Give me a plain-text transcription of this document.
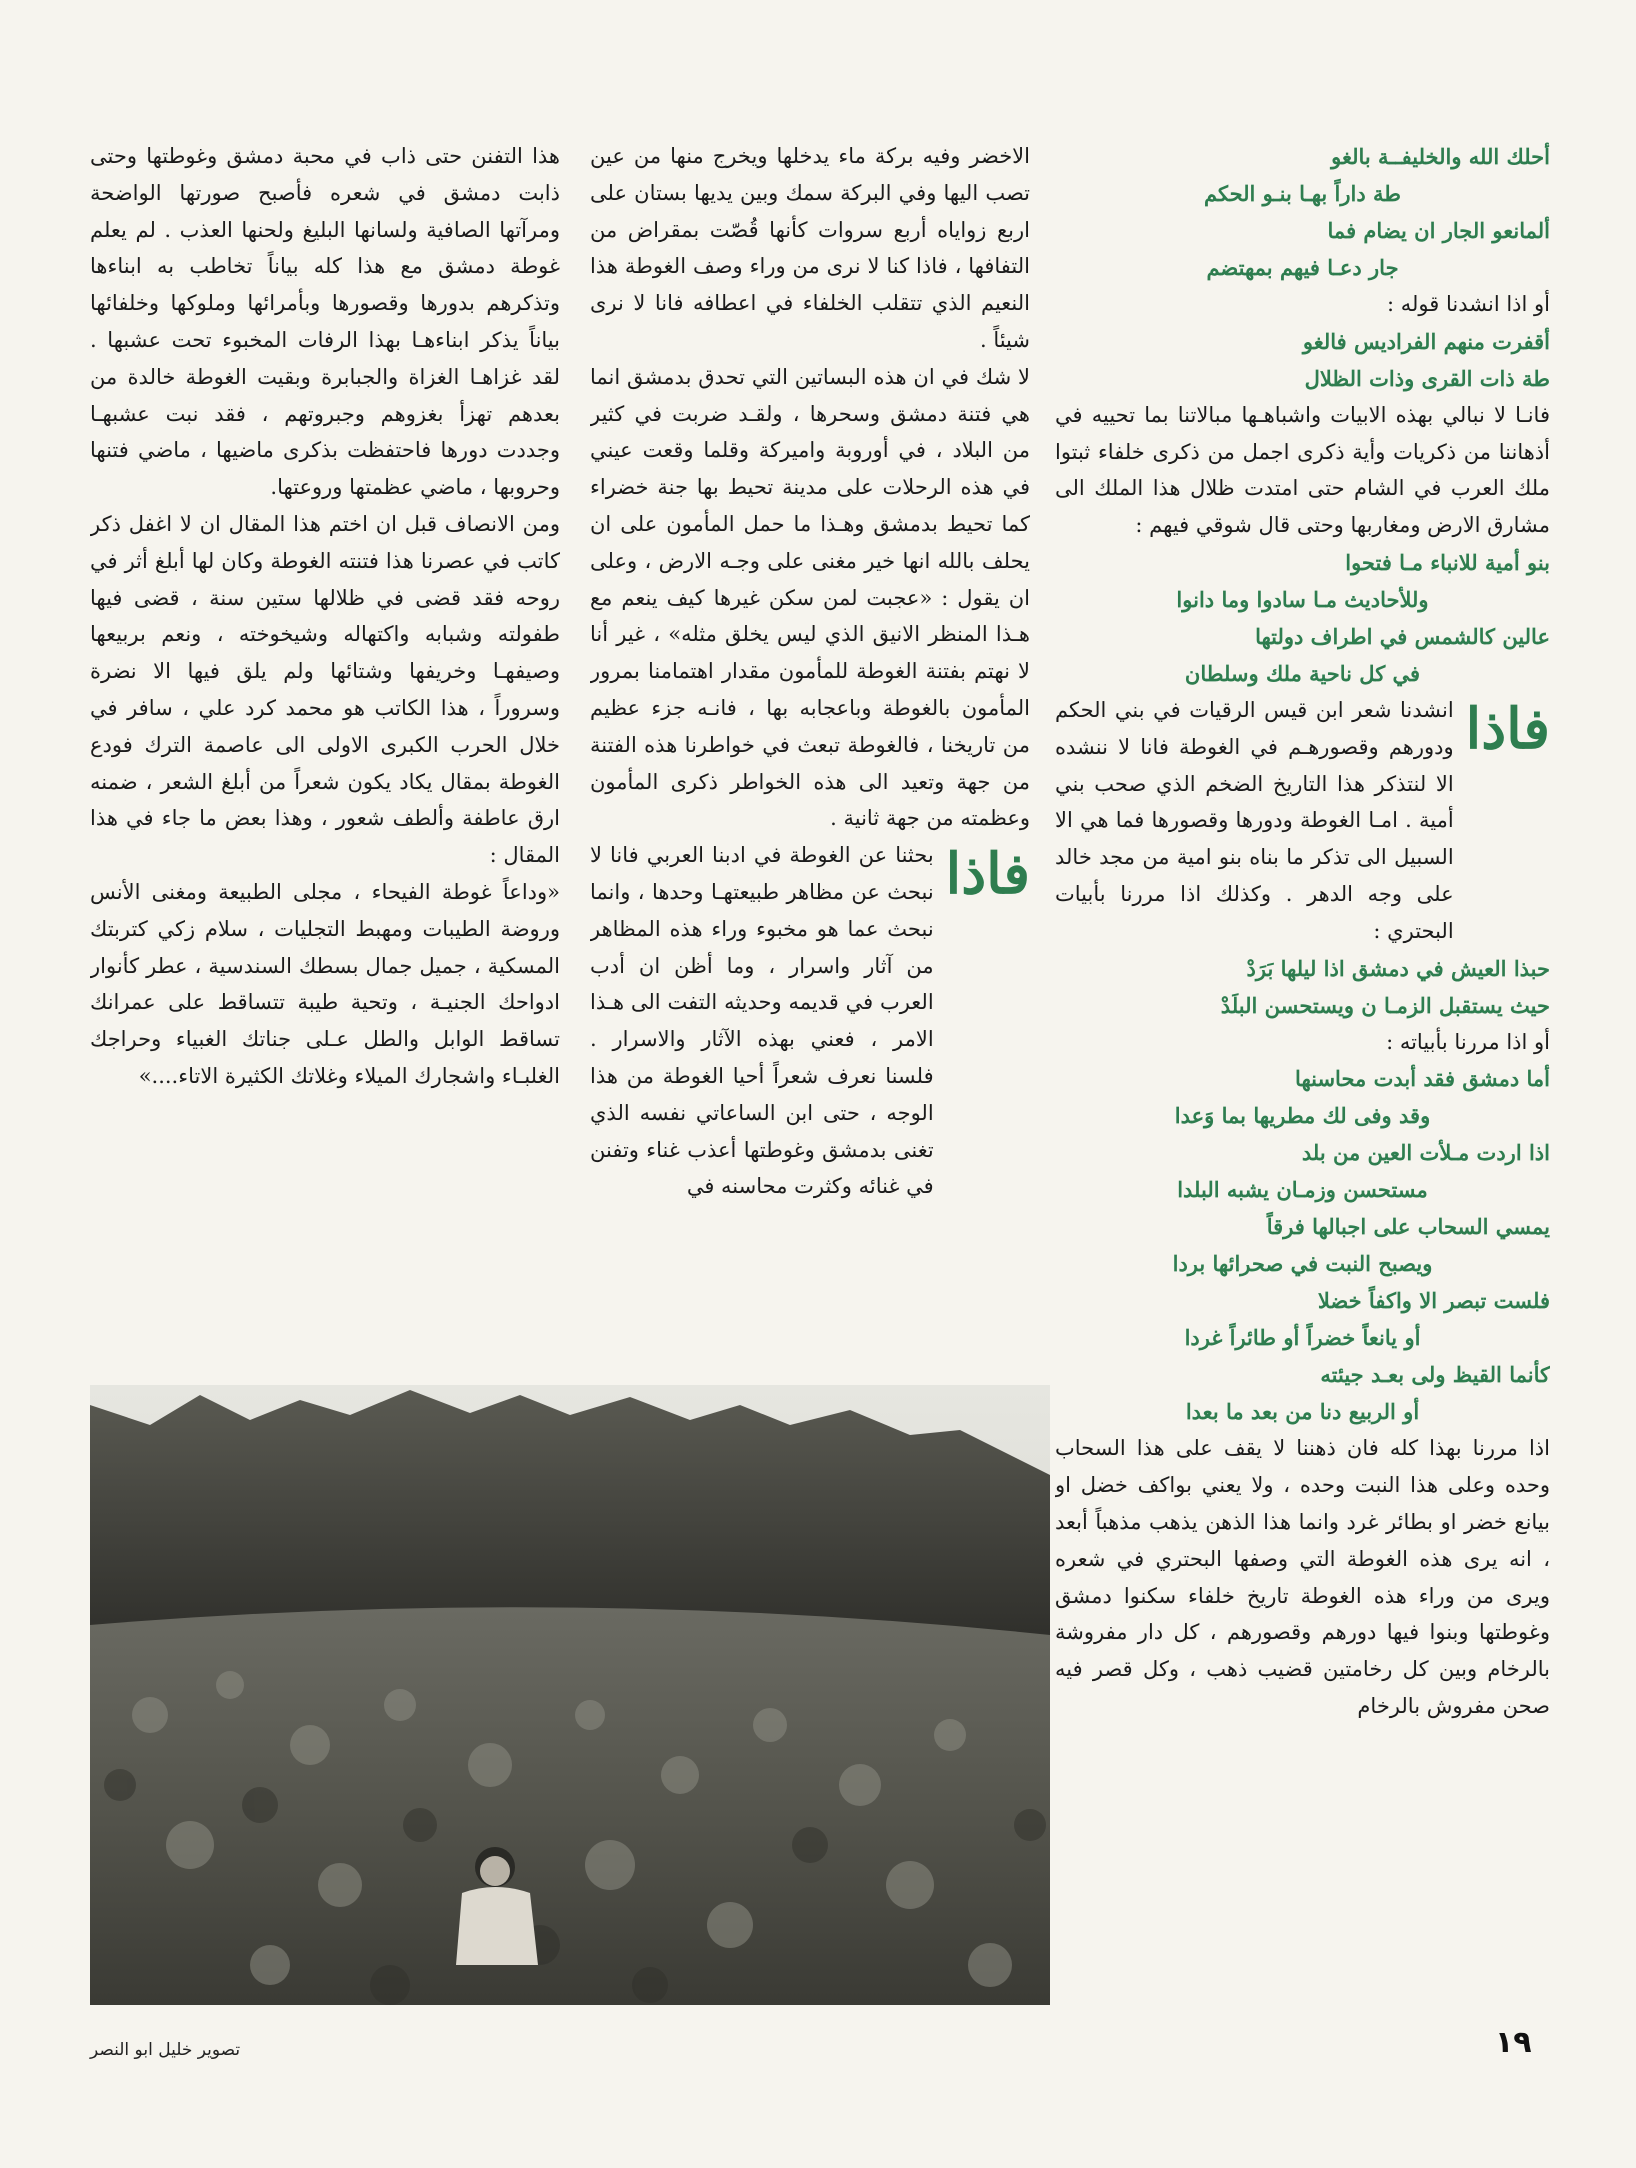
أحلك الله والخليفــة بالغو
طة داراً بهـا بنـو الحكم
ألمانعو الجار ان يضام فما
جار دعـا فيهم بمهتضم

أو اذا انشدنا قوله :

أقفرت منهم الفراديس فالغو
طة ذات القرى وذات الظلال

فانـا لا نبالي بهذه الابيات واشباهـها مبالاتنا بما تحييه في أذهاننا من ذكريات وأية ذكرى اجمل من ذكرى خلفاء ثبتوا ملك العرب في الشام حتى امتدت ظلال هذا الملك الى مشارق الارض ومغاربها وحتى قال شوقي فيهم :

بنو أمية للانباء مـا فتحوا
وللأحاديث مـا سادوا وما دانوا
عالين كالشمس في اطراف دولتها
في كل ناحية ملك وسلطان
فاذا

انشدنا شعر ابن قيس الرقيات في بني الحكم ودورهم وقصورهـم في الغوطة فانا لا ننشده الا لنتذكر هذا التاريخ الضخم الذي صحب بني أمية . امـا الغوطة ودورها وقصورها فما هي الا السبيل الى تذكر ما بناه بنو امية من مجد خالد على وجه الدهر . وكذلك اذا مررنا بأبيات البحتري :

حبذا العيش في دمشق اذا ليلها بَرَدْ
حيث يستقبل الزمـا ن ويستحسن البلَدْ

أو اذا مررنا بأبياته :

أما دمشق فقد أبدت محاسنها
وقد وفى لك مطريها بما وَعدا
اذا اردت مـلأت العين من بلد
مستحسن وزمـان يشبه البلدا
يمسي السحاب على اجبالها فرقاً
ويصبح النبت في صحرائها بردا
فلست تبصر الا واكفاً خضلا
أو يانعاً خضراً أو طائراً غردا
كأنما القيظ ولى بعـد جيئته
أو الربيع دنا من بعد ما بعدا

اذا مررنا بهذا كله فان ذهننا لا يقف على هذا السحاب وحده وعلى هذا النبت وحده ، ولا يعني بواكف خضل او بيانع خضر او بطائر غرد وانما هذا الذهن يذهب مذهباً أبعد ، انه يرى هذه الغوطة التي وصفها البحتري في شعره ويرى من وراء هذه الغوطة تاريخ خلفاء سكنوا دمشق وغوطتها وبنوا فيها دورهم وقصورهم ، كل دار مفروشة بالرخام وبين كل رخامتين قضيب ذهب ، وكل قصر فيه صحن مفروش بالرخام

الاخضر وفيه بركة ماء يدخلها ويخرج منها من عين تصب اليها وفي البركة سمك وبين يديها بستان على اربع زواياه أربع سروات كأنها قُصّت بمقراض من التفافها ، فاذا كنا لا نرى من وراء وصف الغوطة هذا النعيم الذي تتقلب الخلفاء في اعطافه فانا لا نرى شيئاً .

لا شك في ان هذه البساتين التي تحدق بدمشق انما هي فتنة دمشق وسحرها ، ولقـد ضربت في كثير من البلاد ، في أوروبة واميركة وقلما وقعت عيني في هذه الرحلات على مدينة تحيط بها جنة خضراء كما تحيط بدمشق وهـذا ما حمل المأمون على ان يحلف بالله انها خير مغنى على وجـه الارض ، وعلى ان يقول : «عجبت لمن سكن غيرها كيف ينعم مع هـذا المنظر الانيق الذي ليس يخلق مثله» ، غير أنا لا نهتم بفتنة الغوطة للمأمون مقدار اهتمامنا بمرور المأمون بالغوطة وباعجابه بها ، فانـه جزء عظيم من تاريخنا ، فالغوطة تبعث في خواطرنا هذه الفتنة من جهة وتعيد الى هذه الخواطر ذكرى المأمون وعظمته من جهة ثانية .

فاذا

بحثنا عن الغوطة في ادبنا العربي فانا لا نبحث عن مظاهر طبيعتهـا وحدها ، وانما نبحث عما هو مخبوء وراء هذه المظاهر من آثار واسرار ، وما أظن ان أدب العرب في قديمه وحديثه التفت الى هـذا الامر ، فعني بهذه الآثار والاسرار . فلسنا نعرف شعراً أحيا الغوطة من هذا الوجه ، حتى ابن الساعاتي نفسه الذي تغنى بدمشق وغوطتها أعذب غناء وتفنن في غنائه وكثرت محاسنه في

هذا التفنن حتى ذاب في محبة دمشق وغوطتها وحتى ذابت دمشق في شعره فأصبح صورتها الواضحة ومرآتها الصافية ولسانها البليغ ولحنها العذب . لم يعلم غوطة دمشق مع هذا كله بياناً تخاطب به ابناءها وتذكرهم بدورها وقصورها وبأمرائها وملوكها وخلفائها بياناً يذكر ابناءهـا بهذا الرفات المخبوء تحت عشبها . لقد غزاهـا الغزاة والجبابرة وبقيت الغوطة خالدة من بعدهم تهزأ بغزوهم وجبروتهم ، فقد نبت عشبهـا وجددت دورها فاحتفظت بذكرى ماضيها ، ماضي فتنها وحروبها ، ماضي عظمتها وروعتها.

ومن الانصاف قبل ان اختم هذا المقال ان لا اغفل ذكر كاتب في عصرنا هذا فتنته الغوطة وكان لها أبلغ أثر في روحه فقد قضى في ظلالها ستين سنة ، قضى فيها طفولته وشبابه واكتهاله وشيخوخته ، ونعم بربيعها وصيفهـا وخريفها وشتائها ولم يلق فيها الا نضرة وسروراً ، هذا الكاتب هو محمد كرد علي ، سافر في خلال الحرب الكبرى الاولى الى عاصمة الترك فودع الغوطة بمقال يكاد يكون شعراً من أبلغ الشعر ، ضمنه ارق عاطفة وألطف شعور ، وهذا بعض ما جاء في هذا المقال :

«وداعاً غوطة الفيحاء ، مجلى الطبيعة ومغنى الأنس وروضة الطيبات ومهبط التجليات ، سلام زكي كتربتك المسكية ، جميل جمال بسطك السندسية ، عطر كأنوار ادواحك الجنيـة ، وتحية طيبة تتساقط على عمرانك تساقط الوابل والطل عـلى جناتك الغبياء وحراجك الغلبـاء واشجارك الميلاء وغلاتك الكثيرة الاتاء....»

تصوير خليل ابو النصر	١٩
